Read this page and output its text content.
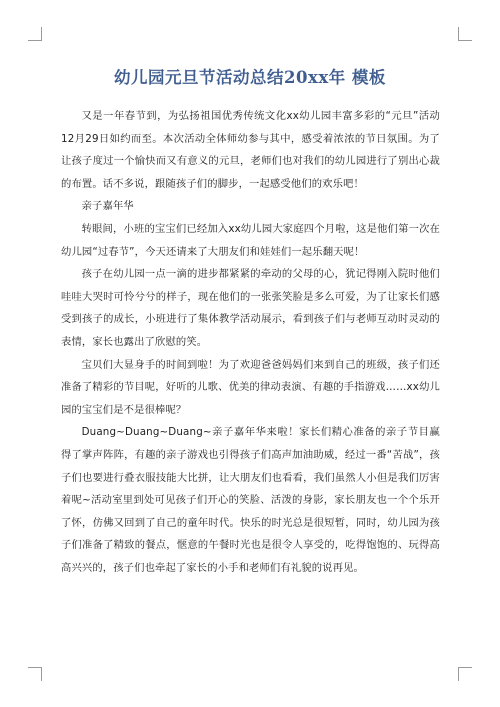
幼儿园元旦节活动总结20xx年 模板

又是一年春节到，为弘扬祖国优秀传统文化xx幼儿园丰富多彩的“元旦”活动12月29日如约而至。本次活动全体师幼参与其中，感受着浓浓的节日氛围。为了让孩子度过一个愉快而又有意义的元旦，老师们也对我们的幼儿园进行了别出心裁的布置。话不多说，跟随孩子们的脚步，一起感受他们的欢乐吧！

亲子嘉年华

转眼间，小班的宝宝们已经加入xx幼儿园大家庭四个月啦，这是他们第一次在幼儿园“过春节”，今天还请来了大朋友们和娃娃们一起乐翻天呢！

孩子在幼儿园一点一滴的进步都紧紧的牵动的父母的心，犹记得刚入院时他们哇哇大哭时可怜兮兮的样子，现在他们的一张张笑脸是多么可爱，为了让家长们感受到孩子的成长，小班进行了集体教学活动展示，看到孩子们与老师互动时灵动的表情，家长也露出了欣慰的笑。

宝贝们大显身手的时间到啦！为了欢迎爸爸妈妈们来到自己的班级，孩子们还准备了精彩的节目呢，好听的儿歌、优美的律动表演、有趣的手指游戏……xx幼儿园的宝宝们是不是很棒呢？

Duang~Duang~Duang~亲子嘉年华来啦！家长们精心准备的亲子节目赢得了掌声阵阵，有趣的亲子游戏也引得孩子们高声加油助威，经过一番“苦战”，孩子们也要进行叠衣服技能大比拼，让大朋友们也看看，我们虽然人小但是我们厉害着呢~活动室里到处可见孩子们开心的笑脸、活泼的身影，家长朋友也一个个乐开了怀，仿佛又回到了自己的童年时代。快乐的时光总是很短暂，同时，幼儿园为孩子们准备了精致的餐点，惬意的午餐时光也是很令人享受的，吃得饱饱的、玩得高高兴兴的，孩子们也牵起了家长的小手和老师们有礼貌的说再见。
